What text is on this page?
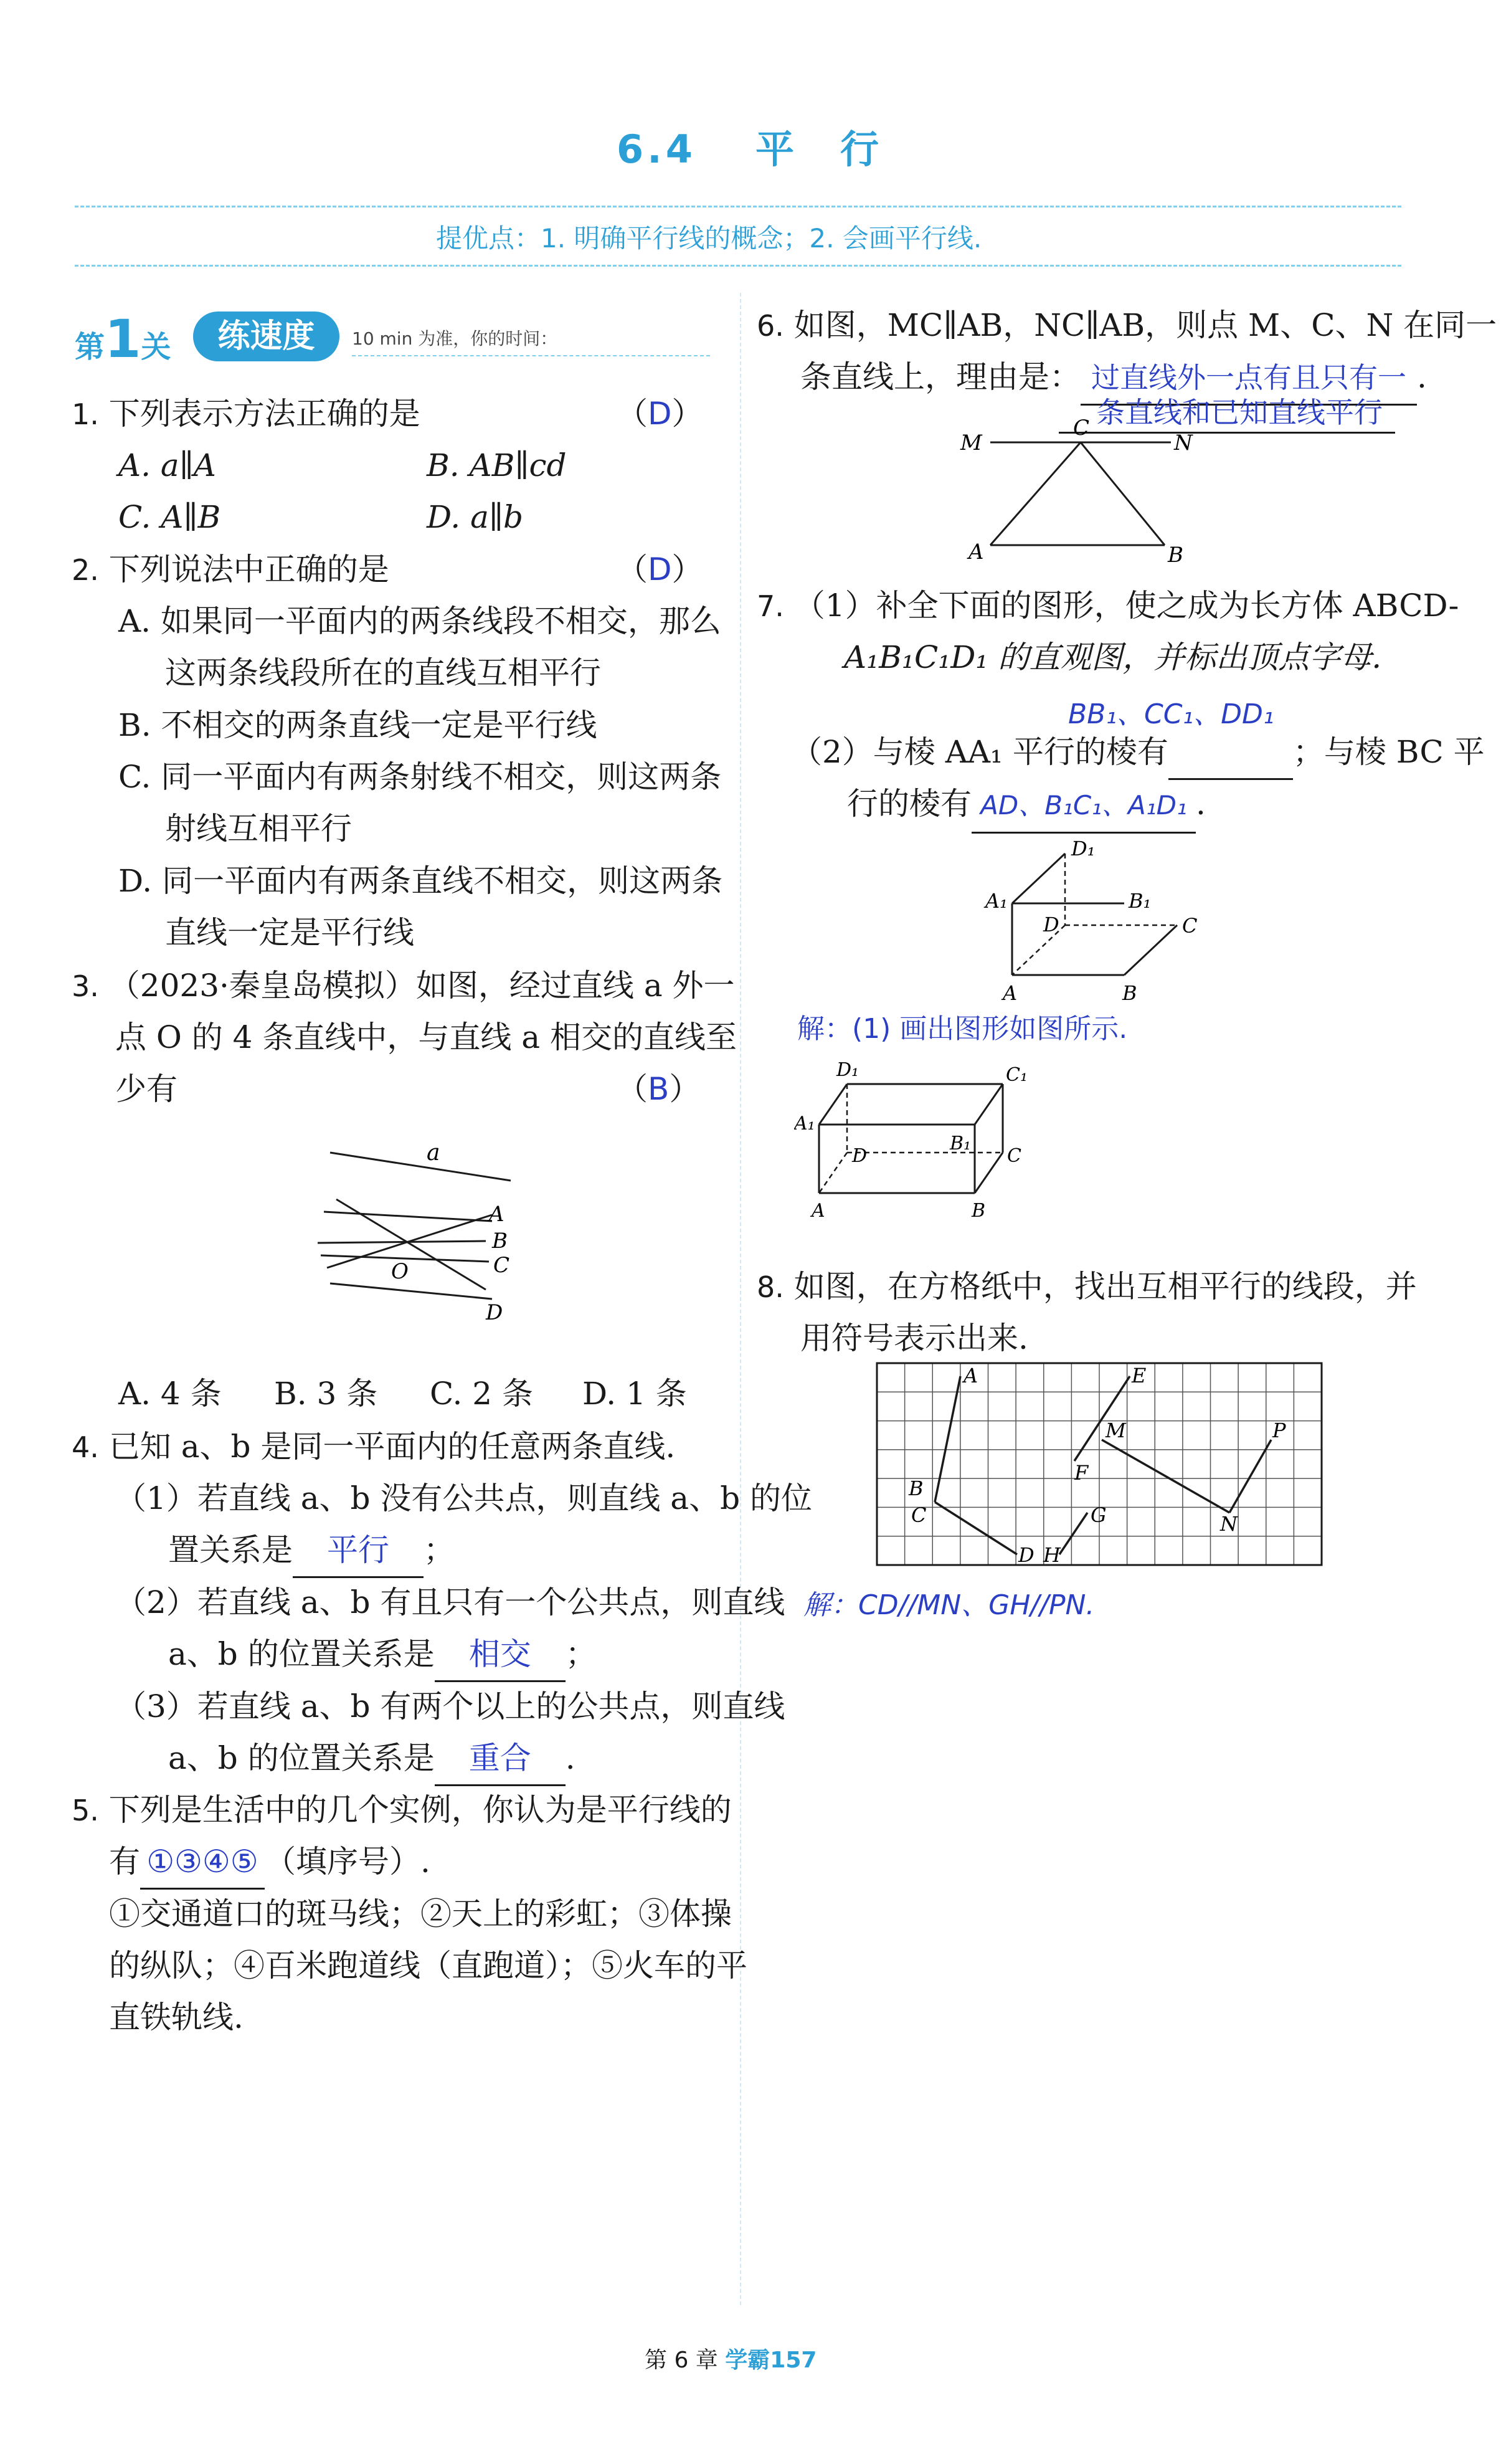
6.4 平　行
提优点：1. 明确平行线的概念；2. 会画平行线.
第1关	练速度	10 min 为准，你的时间：
1. 下列表示方法正确的是	（D）
A. a∥A	B. AB∥cd
C. A∥B	D. a∥b
2. 下列说法中正确的是	（D）
A. 如果同一平面内的两条线段不相交，那么
这两条线段所在的直线互相平行
B. 不相交的两条直线一定是平行线
C. 同一平面内有两条射线不相交，则这两条
射线互相平行
D. 同一平面内有两条直线不相交，则这两条
直线一定是平行线
3. （2023·秦皇岛模拟）如图，经过直线 a 外一
点 O 的 4 条直线中，与直线 a 相交的直线至
少有	（B）
a
A
B
C
D
O
A. 4 条 B. 3 条 C. 2 条 D. 1 条
4. 已知 a、b 是同一平面内的任意两条直线.
（1）若直线 a、b 没有公共点，则直线 a、b 的位
置关系是 平行 ；
（2）若直线 a、b 有且只有一个公共点，则直线
a、b 的位置关系是 相交 ；
（3）若直线 a、b 有两个以上的公共点，则直线
a、b 的位置关系是 重合 .
5. 下列是生活中的几个实例，你认为是平行线的
有 ①③④⑤ （填序号）.
①交通道口的斑马线；②天上的彩虹；③体操
的纵队；④百米跑道线（直跑道）；⑤火车的平
直铁轨线.
6. 如图，MC∥AB，NC∥AB，则点 M、C、N 在同一
条直线上，理由是： 过直线外一点有且只有一 .
条直线和已知直线平行
M
C
N
A	B
7. （1）补全下面的图形，使之成为长方体 ABCD-
A₁B₁C₁D₁ 的直观图，并标出顶点字母.
BB₁、CC₁、DD₁
（2）与棱 AA₁ 平行的棱有	；与棱 BC 平
行的棱有 AD、B₁C₁、A₁D₁ .
D₁
A₁	B₁
D	C
A	B
解：(1) 画出图形如图所示.
D₁	C₁
A₁
D
B₁
C
A	B
8. 如图，在方格纸中，找出互相平行的线段，并
用符号表示出来.
A	E
M	P
F
B
C	G	N
D H
解：CD//MN、GH//PN.
第 6 章 学霸157
